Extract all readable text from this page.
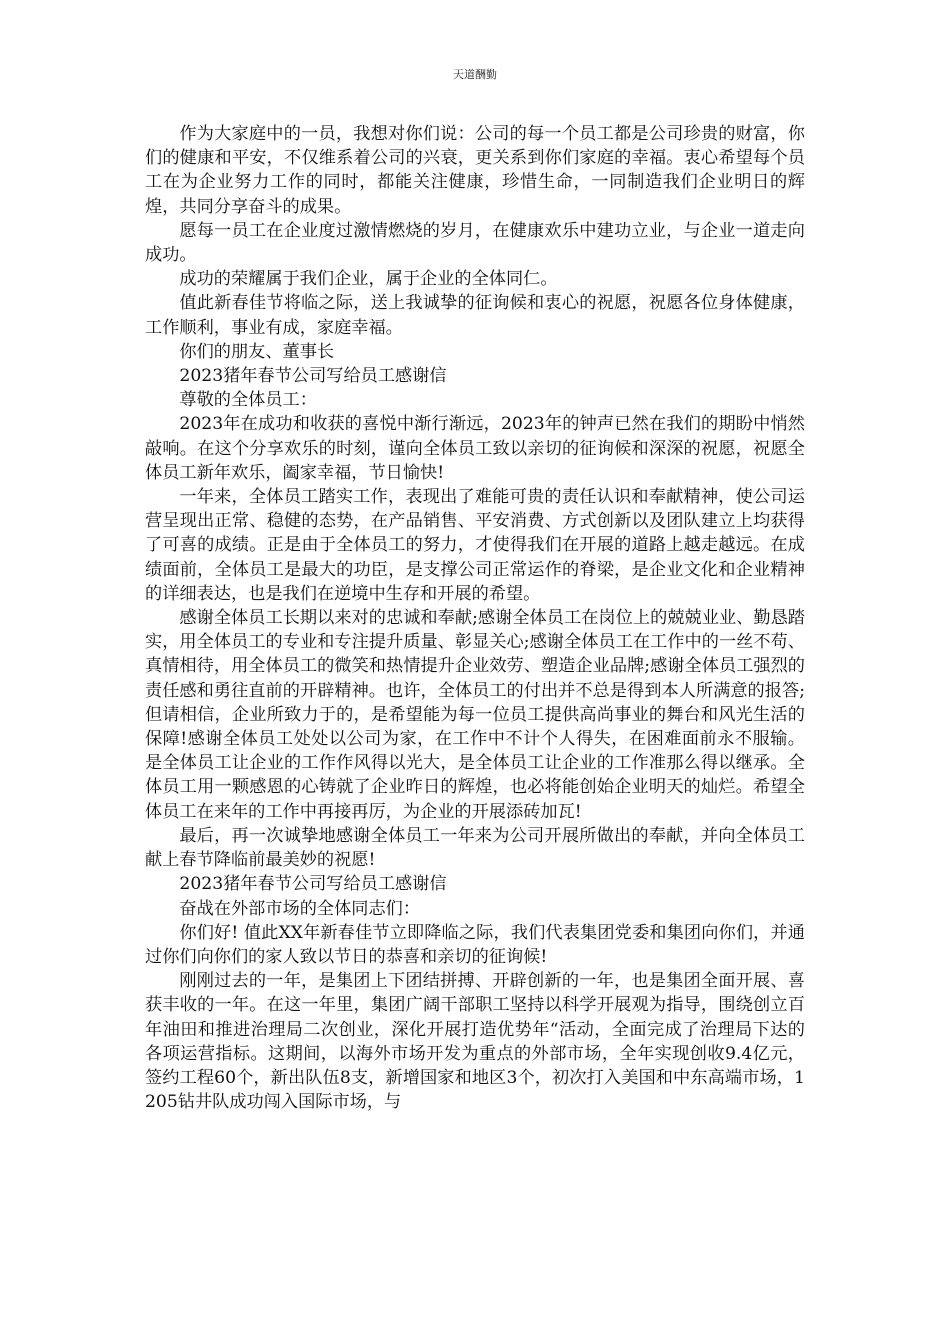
天道酬勤

作为大家庭中的一员，我想对你们说：公司的每一个员工都是公司珍贵的财富，你们的健康和平安，不仅维系着公司的兴衰，更关系到你们家庭的幸福。衷心希望每个员工在为企业努力工作的同时，都能关注健康，珍惜生命，一同制造我们企业明日的辉煌，共同分享奋斗的成果。

愿每一员工在企业度过激情燃烧的岁月，在健康欢乐中建功立业，与企业一道走向成功。

成功的荣耀属于我们企业，属于企业的全体同仁。

值此新春佳节将临之际，送上我诚挚的征询候和衷心的祝愿，祝愿各位身体健康，工作顺利，事业有成，家庭幸福。

你们的朋友、董事长

2023猪年春节公司写给员工感谢信

尊敬的全体员工：

2023年在成功和收获的喜悦中渐行渐远，2023年的钟声已然在我们的期盼中悄然敲响。在这个分享欢乐的时刻，谨向全体员工致以亲切的征询候和深深的祝愿，祝愿全体员工新年欢乐，阖家幸福，节日愉快!

一年来，全体员工踏实工作，表现出了难能可贵的责任认识和奉献精神，使公司运营呈现出正常、稳健的态势，在产品销售、平安消费、方式创新以及团队建立上均获得了可喜的成绩。正是由于全体员工的努力，才使得我们在开展的道路上越走越远。在成绩面前，全体员工是最大的功臣，是支撑公司正常运作的脊梁，是企业文化和企业精神的详细表达，也是我们在逆境中生存和开展的希望。

感谢全体员工长期以来对的忠诚和奉献;感谢全体员工在岗位上的兢兢业业、勤恳踏实，用全体员工的专业和专注提升质量、彰显关心;感谢全体员工在工作中的一丝不苟、真情相待，用全体员工的微笑和热情提升企业效劳、塑造企业品牌;感谢全体员工强烈的责任感和勇往直前的开辟精神。也许，全体员工的付出并不总是得到本人所满意的报答;但请相信，企业所致力于的，是希望能为每一位员工提供高尚事业的舞台和风光生活的保障!感谢全体员工处处以公司为家，在工作中不计个人得失，在困难面前永不服输。是全体员工让企业的工作作风得以光大，是全体员工让企业的工作准那么得以继承。全体员工用一颗感恩的心铸就了企业昨日的辉煌，也必将能创始企业明天的灿烂。希望全体员工在来年的工作中再接再厉，为企业的开展添砖加瓦!

最后，再一次诚挚地感谢全体员工一年来为公司开展所做出的奉献，并向全体员工献上春节降临前最美妙的祝愿!

2023猪年春节公司写给员工感谢信

奋战在外部市场的全体同志们：

你们好! 值此XX年新春佳节立即降临之际，我们代表集团党委和集团向你们，并通过你们向你们的家人致以节日的恭喜和亲切的征询候!

刚刚过去的一年，是集团上下团结拼搏、开辟创新的一年，也是集团全面开展、喜获丰收的一年。在这一年里，集团广阔干部职工坚持以科学开展观为指导，围绕创立百年油田和推进治理局二次创业，深化开展打造优势年“活动，全面完成了治理局下达的各项运营指标。这期间，以海外市场开发为重点的外部市场，全年实现创收9.4亿元，签约工程60个，新出队伍8支，新增国家和地区3个，初次打入美国和中东高端市场，1205钻井队成功闯入国际市场，与
